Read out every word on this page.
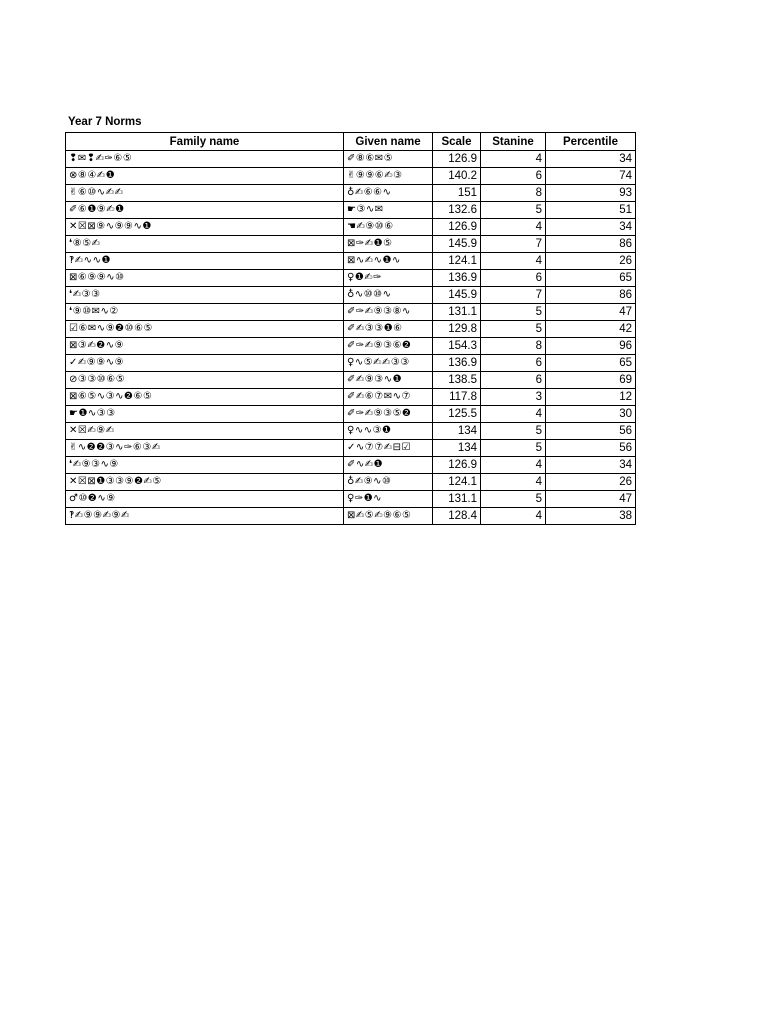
Year 7 Norms
Family name	Given name	Scale	Stanine	Percentile
❢✉❢✍✑⑥⑤	✐⑧⑥✉⑤	126.9	4	34
⊗⑧④✍❶	✌⑨⑨⑥✍③	140.2	6	74
✌⑥⑩∿✍✍	♁✍⑥⑥∿	151	8	93
✐⑥❶⑨✍❶	☛③∿✉	132.6	5	51
✕☒⊠⑨∿⑨⑨∿❶	☚✍⑨⑩⑥	126.9	4	34
❛⑧⑤✍	⊠✑✍❶⑤	145.9	7	86
‽✍∿∿❶	⊠∿✍∿❶∿	124.1	4	26
⊠⑥⑨⑨∿⑩	♀❶✍✑	136.9	6	65
❛✍③③	♁∿⑩⑩∿	145.9	7	86
❛⑨⑩✉∿②	✐✑✍⑨③⑧∿	131.1	5	47
☑⑥✉∿⑨❷⑩⑥⑤	✐✍③③❶⑥	129.8	5	42
⊠③✍❷∿⑨	✐✑✍⑨③⑥❷	154.3	8	96
✓✍⑨⑨∿⑨	♀∿⑤✍✍③③	136.9	6	65
⊘③③⑩⑥⑤	✐✍⑨③∿❶	138.5	6	69
⊠⑥⑤∿③∿❷⑥⑤	✐✍⑥⑦✉∿⑦	117.8	3	12
☛❶∿③③	✐✑✍⑨③⑤❷	125.5	4	30
✕☒✍⑨✍	♀∿∿③❶	134	5	56
✌∿❷❷③∿✑⑥③✍	✓∿⑦⑦✍⊟☑	134	5	56
❛✍⑨③∿⑨	✐∿✍❶	126.9	4	34
✕☒⊠❶③③⑨❷✍⑤	♁✍⑨∿⑩	124.1	4	26
♂⑩❷∿⑨	♀✑❶∿	131.1	5	47
‽✍⑨⑨✍⑨✍	⊠✍⑤✍⑨⑥⑤	128.4	4	38
